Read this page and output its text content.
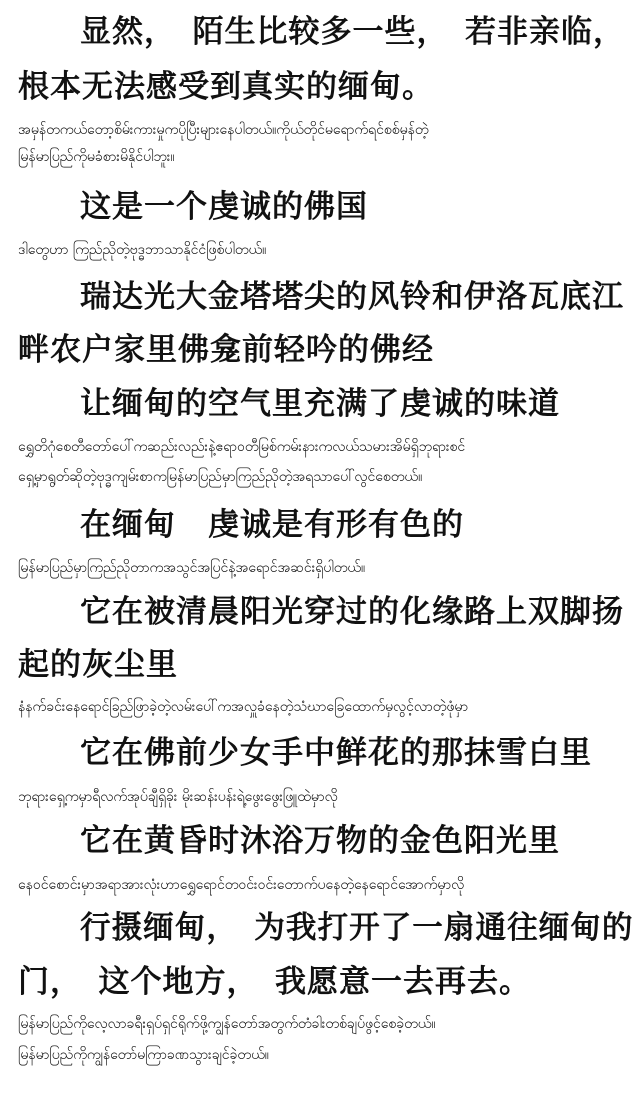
显然，　陌生比较多一些，　若非亲临，
根本无法感受到真实的缅甸。
အမှန်တကယ်တော့စိမ်းကားမှုကပိုပြီးများနေပါတယ်။ကိုယ်တိုင်မရောက်ရင်စစ်မှန်တဲ့
မြန်မာပြည်ကိုမခံစားမိနိုင်ပါဘူး။
这是一个虔诚的佛国
ဒါတွေဟာ ကြည်ညိုတဲ့ဗုဒ္ဓဘာသာနိုင်ငံဖြစ်ပါတယ်။
瑞达光大金塔塔尖的风铃和伊洛瓦底江
畔农户家里佛龛前轻吟的佛经
让缅甸的空气里充满了虔诚的味道
ရွှေတိဂုံစေတီတော်ပေါ်ကဆည်းလည်းနဲ့ဧရာဝတီမြစ်ကမ်းနားကလယ်သမားအိမ်ရှိဘုရားစင်
ရှေ့မှာရွတ်ဆိုတဲ့ဗုဒ္ဓကျမ်းစာကမြန်မာပြည်မှာကြည်ညိုတဲ့အရသာပေါ်လွင်စေတယ်။
在缅甸　虔诚是有形有色的
မြန်မာပြည်မှာကြည်ညိုတာကအသွင်အပြင်နဲ့အရောင်အဆင်းရှိပါတယ်။
它在被清晨阳光穿过的化缘路上双脚扬
起的灰尘里
နံနက်ခင်းနေရောင်ခြည်ဖြာခဲ့တဲ့လမ်းပေါ်ကအလှူခံနေတဲ့သံဃာခြေထောက်မှလွင့်လာတဲ့ဖုံမှာ
它在佛前少女手中鲜花的那抹雪白里
ဘုရားရှေ့ကမှာရီလက်အုပ်ချီရှိခိုး မိုးဆန်းပန်းရဲ့ဖွေးဖွေးဖြူထဲမှာလို
它在黄昏时沐浴万物的金色阳光里
နေဝင်စောင်းမှာအရာအားလုံးဟာရွှေရောင်တဝင်းဝင်းတောက်ပနေတဲ့နေရောင်အောက်မှာလို
行摄缅甸，　为我打开了一扇通往缅甸的
门，　这个地方，　我愿意一去再去。
မြန်မာပြည်ကိုလေ့လာခရီးရှပ်ရှင်ရိုက်ဖို့ကျွန်တော်အတွက်တံခါးတစ်ချပ်ဖွင့်စေခဲ့တယ်။
မြန်မာပြည်ကိုကျွန်တော်မကြာခဏသွားချင်ခဲ့တယ်။
